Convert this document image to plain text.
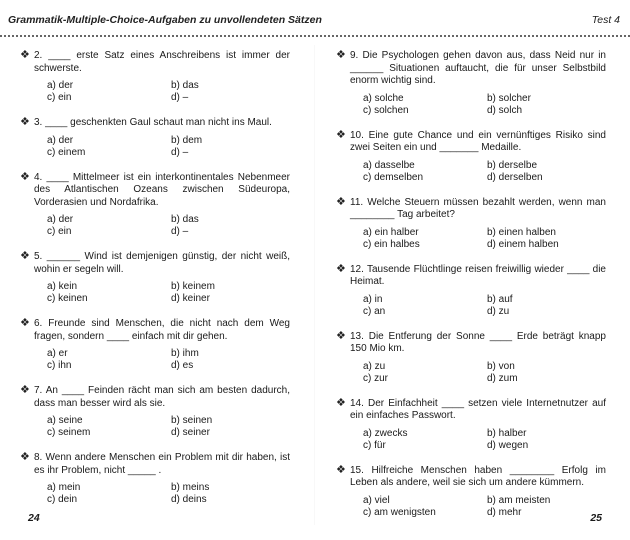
Grammatik-Multiple-Choice-Aufgaben zu unvollendeten Sätzen	Test 4
❖ 2. ____ erste Satz eines Anschreibens ist immer der schwerste.
a) der	b) das
c) ein	d) –
❖ 3. ____ geschenkten Gaul schaut man nicht ins Maul.
a) der	b) dem
c) einem	d) –
❖ 4. ____ Mittelmeer ist ein interkontinentales Nebenmeer des Atlantischen Ozeans zwischen Südeuropa, Vorderasien und Nordafrika.
a) der	b) das
c) ein	d) –
❖ 5. ______ Wind ist demjenigen günstig, der nicht weiß, wohin er segeln will.
a) kein	b) keinem
c) keinen	d) keiner
❖ 6. Freunde sind Menschen, die nicht nach dem Weg fragen, sondern ____ einfach mit dir gehen.
a) er	b) ihm
c) ihn	d) es
❖ 7. An ____ Feinden rächt man sich am besten dadurch, dass man besser wird als sie.
a) seine	b) seinen
c) seinem	d) seiner
❖ 8. Wenn andere Menschen ein Problem mit dir haben, ist es ihr Problem, nicht _____ .
a) mein	b) meins
c) dein	d) deins
❖ 9. Die Psychologen gehen davon aus, dass Neid nur in ______ Situationen auftaucht, die für unser Selbstbild enorm wichtig sind.
a) solche	b) solcher
c) solchen	d) solch
❖ 10. Eine gute Chance und ein vernünftiges Risiko sind zwei Seiten ein und _______ Medaille.
a) dasselbe	b) derselbe
c) demselben	d) derselben
❖ 11. Welche Steuern müssen bezahlt werden, wenn man ________ Tag arbeitet?
a) ein halber	b) einen halben
c) ein halbes	d) einem halben
❖ 12. Tausende Flüchtlinge reisen freiwillig wieder ____ die Heimat.
a) in	b) auf
c) an	d) zu
❖ 13. Die Entferung der Sonne ____ Erde beträgt knapp 150 Mio km.
a) zu	b) von
c) zur	d) zum
❖ 14. Der Einfachheit ____ setzen viele Internetnutzer auf ein einfaches Passwort.
a) zwecks	b) halber
c) für	d) wegen
❖ 15. Hilfreiche Menschen haben ________ Erfolg im Leben als andere, weil sie sich um andere kümmern.
a) viel	b) am meisten
c) am wenigsten	d) mehr
24	25
